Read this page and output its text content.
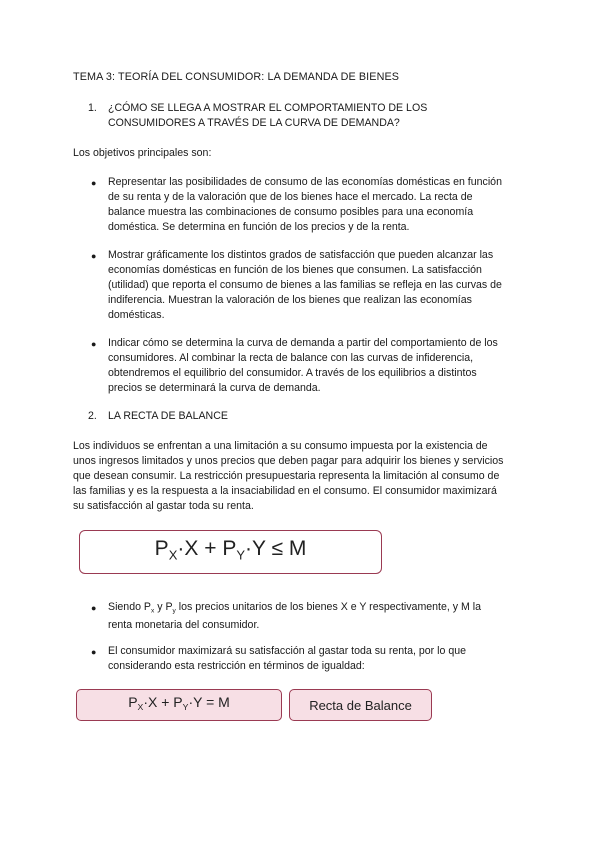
TEMA 3: TEORÍA DEL CONSUMIDOR: LA DEMANDA DE BIENES
1.	¿CÓMO SE LLEGA A MOSTRAR EL COMPORTAMIENTO DE LOS
CONSUMIDORES A TRAVÉS DE LA CURVA DE DEMANDA?
Los objetivos principales son:
● Representar las posibilidades de consumo de las economías domésticas en función
de su renta y de la valoración que de los bienes hace el mercado. La recta de
balance muestra las combinaciones de consumo posibles para una economía
doméstica. Se determina en función de los precios y de la renta.
● Mostrar gráficamente los distintos grados de satisfacción que pueden alcanzar las
economías domésticas en función de los bienes que consumen. La satisfacción
(utilidad) que reporta el consumo de bienes a las familias se refleja en las curvas de
indiferencia. Muestran la valoración de los bienes que realizan las economías
domésticas.
● Indicar cómo se determina la curva de demanda a partir del comportamiento de los
consumidores. Al combinar la recta de balance con las curvas de infiderencia,
obtendremos el equilibrio del consumidor. A través de los equilibrios a distintos
precios se determinará la curva de demanda.
2.	LA RECTA DE BALANCE
Los individuos se enfrentan a una limitación a su consumo impuesta por la existencia de
unos ingresos limitados y unos precios que deben pagar para adquirir los bienes y servicios
que desean consumir. La restricción presupuestaria representa la limitación al consumo de
las familias y es la respuesta a la insaciabilidad en el consumo. El consumidor maximizará
su satisfacción al gastar toda su renta.
$P_X\cdot X + P_Y\cdot Y \le M$
● Siendo $P_x$ y $P_y$ los precios unitarios de los bienes X e Y respectivamente, y M la
renta monetaria del consumidor.
● El consumidor maximizará su satisfacción al gastar toda su renta, por lo que
considerando esta restricción en términos de igualdad:
$P_X\cdot X + P_Y\cdot Y = M$	Recta de Balance
